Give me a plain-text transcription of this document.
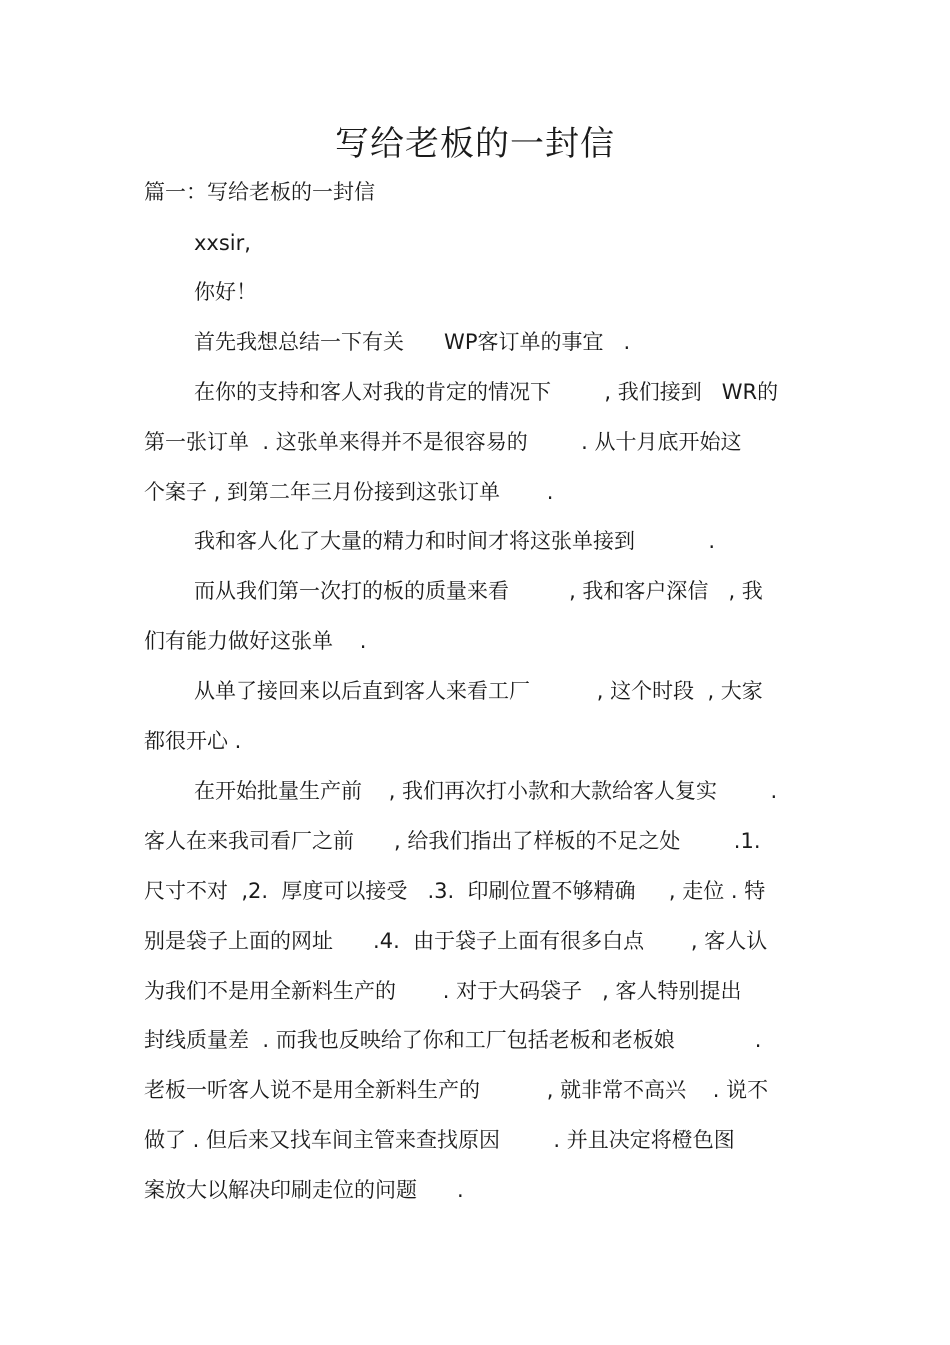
写给老板的一封信
篇一：写给老板的一封信
xxsir,
你好！
首先我想总结一下有关      WP客订单的事宜   .
在你的支持和客人对我的肯定的情况下        , 我们接到   WR的
第一张订单  . 这张单来得并不是很容易的        . 从十月底开始这
个案子 , 到第二年三月份接到这张订单       .
我和客人化了大量的精力和时间才将这张单接到           .
而从我们第一次打的板的质量来看         , 我和客户深信   , 我
们有能力做好这张单    .
从单了接回来以后直到客人来看工厂          , 这个时段  , 大家
都很开心 .
在开始批量生产前    , 我们再次打小款和大款给客人复实        .
客人在来我司看厂之前      , 给我们指出了样板的不足之处        .1.
尺寸不对  ,2.  厚度可以接受   .3.  印刷位置不够精确     , 走位 . 特
别是袋子上面的网址      .4.  由于袋子上面有很多白点       , 客人认
为我们不是用全新料生产的       . 对于大码袋子   , 客人特别提出
封线质量差  . 而我也反映给了你和工厂包括老板和老板娘            .
老板一听客人说不是用全新料生产的          , 就非常不高兴    . 说不
做了 . 但后来又找车间主管来查找原因        . 并且决定将橙色图
案放大以解决印刷走位的问题      .
